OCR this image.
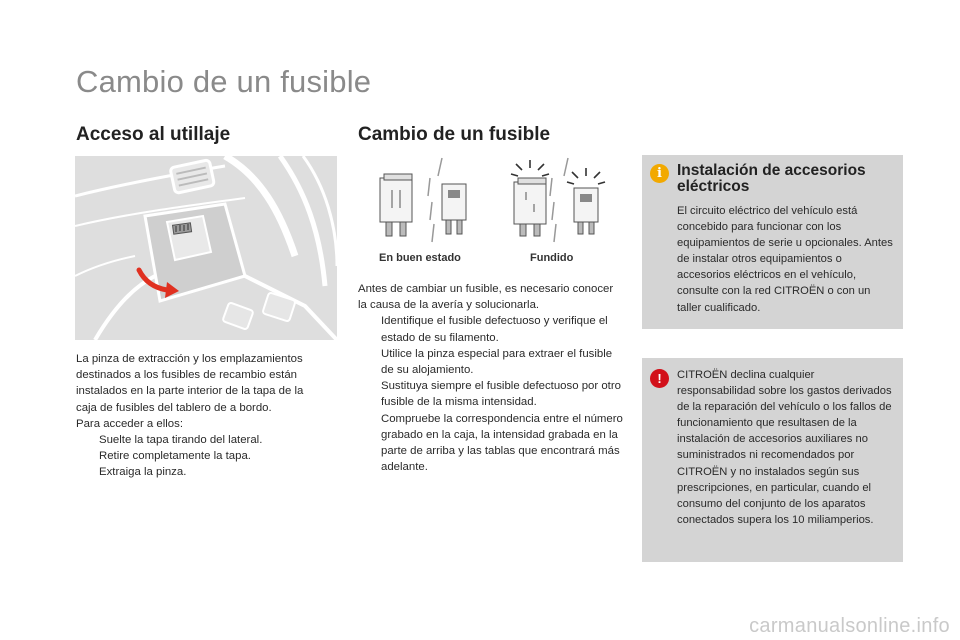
Cambio de un fusible
Acceso al utillaje

La pinza de extracción y los emplazamientos destinados a los fusibles de recambio están instalados en la parte interior de la tapa de la caja de fusibles del tablero de a bordo.

Para acceder a ellos:

Suelte la tapa tirando del lateral.
Retire completamente la tapa.
Extraiga la pinza.
Cambio de un fusible
En buen estado	Fundido

Antes de cambiar un fusible, es necesario conocer la causa de la avería y solucionarla.

Identifique el fusible defectuoso y verifique el estado de su filamento.
Utilice la pinza especial para extraer el fusible de su alojamiento.
Sustituya siempre el fusible defectuoso por otro fusible de la misma intensidad.
Compruebe la correspondencia entre el número grabado en la caja, la intensidad grabada en la parte de arriba y las tablas que encontrará más adelante.
i Instalación de accesorios eléctricos

El circuito eléctrico del vehículo está concebido para funcionar con los equipamientos de serie u opcionales. Antes de instalar otros equipamientos o accesorios eléctricos en el vehículo, consulte con la red CITROËN o con un taller cualificado.

!	CITROËN declina cualquier responsabilidad sobre los gastos derivados de la reparación del vehículo o los fallos de funcionamiento que resultasen de la instalación de accesorios auxiliares no suministrados ni recomendados por CITROËN y no instalados según sus prescripciones, en particular, cuando el consumo del conjunto de los aparatos conectados supera los 10 miliamperios.

carmanualsonline.info
